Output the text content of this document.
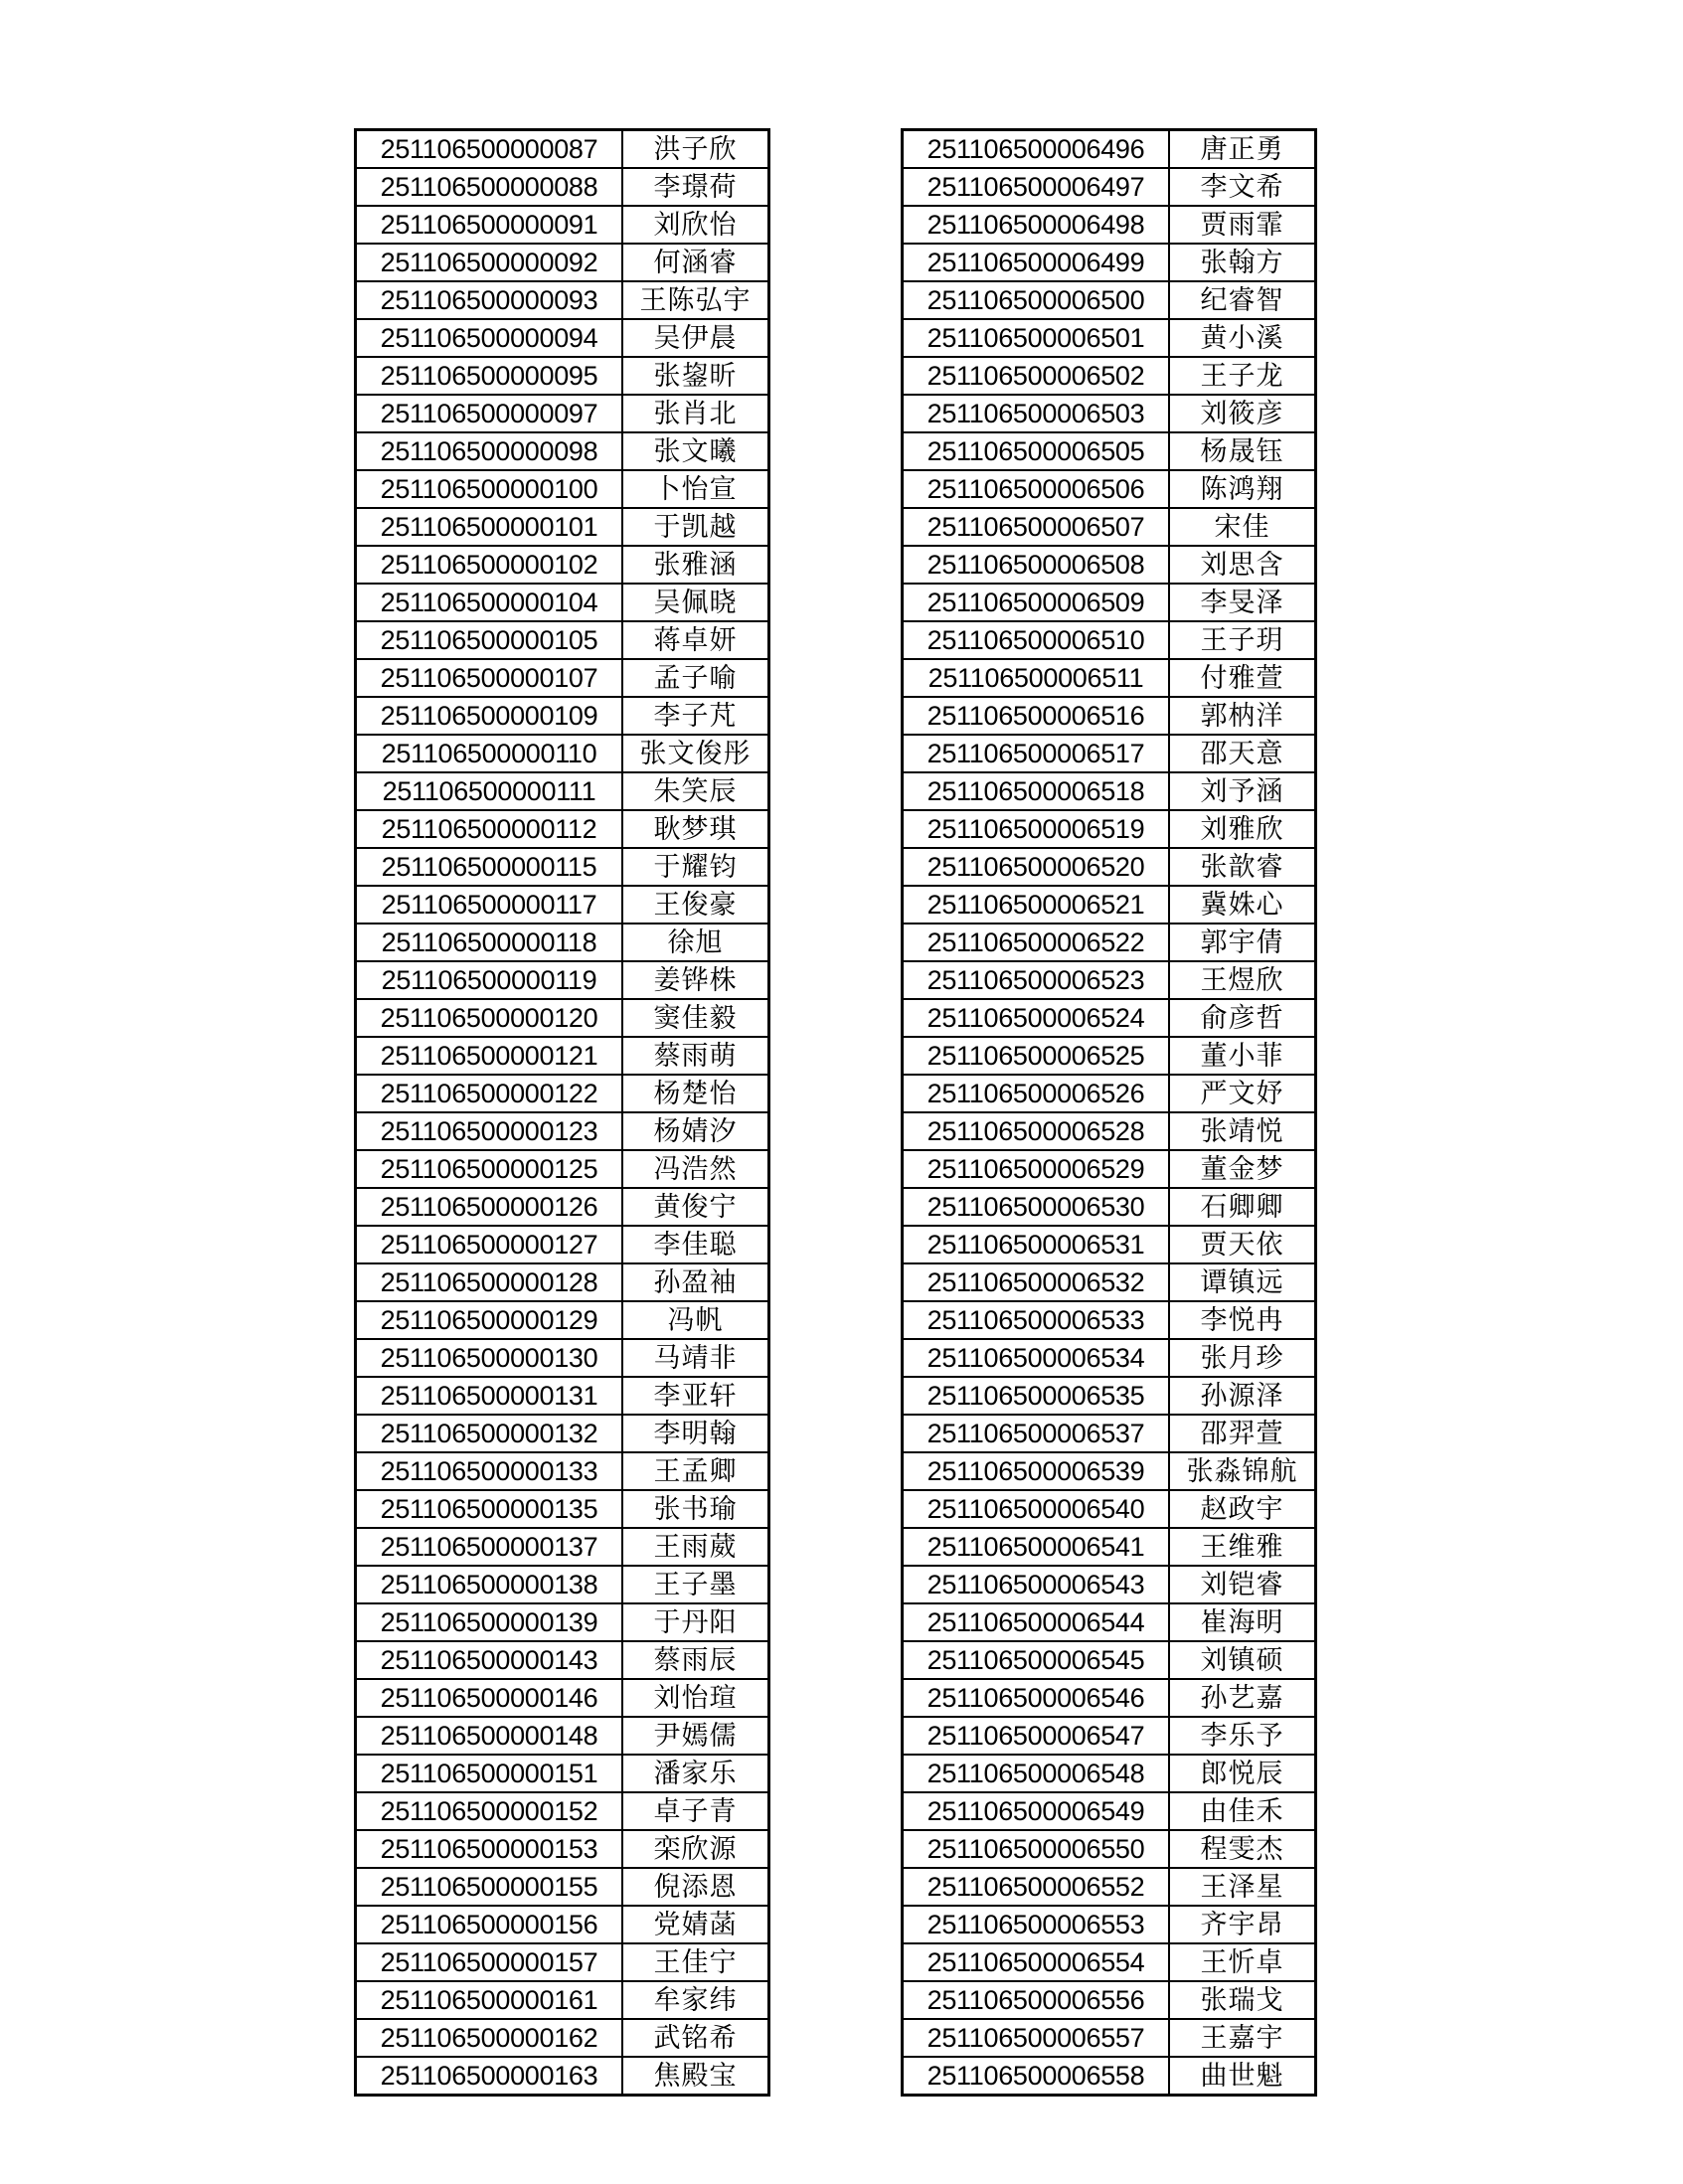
251106500000087	洪子欣
251106500000088	李璟荷
251106500000091	刘欣怡
251106500000092	何涵睿
251106500000093	王陈弘宇
251106500000094	吴伊晨
251106500000095	张鋆昕
251106500000097	张肖北
251106500000098	张文曦
251106500000100	卜怡宣
251106500000101	于凯越
251106500000102	张雅涵
251106500000104	吴佩晓
251106500000105	蒋卓妍
251106500000107	孟子喻
251106500000109	李子芃
251106500000110	张文俊彤
251106500000111	朱笑辰
251106500000112	耿梦琪
251106500000115	于耀钧
251106500000117	王俊豪
251106500000118	徐旭
251106500000119	姜铧株
251106500000120	窦佳毅
251106500000121	蔡雨萌
251106500000122	杨楚怡
251106500000123	杨婧汐
251106500000125	冯浩然
251106500000126	黄俊宁
251106500000127	李佳聪
251106500000128	孙盈袖
251106500000129	冯帆
251106500000130	马靖非
251106500000131	李亚轩
251106500000132	李明翰
251106500000133	王孟卿
251106500000135	张书瑜
251106500000137	王雨葳
251106500000138	王子墨
251106500000139	于丹阳
251106500000143	蔡雨辰
251106500000146	刘怡瑄
251106500000148	尹嫣儒
251106500000151	潘家乐
251106500000152	卓子青
251106500000153	栾欣源
251106500000155	倪添恩
251106500000156	党婧菡
251106500000157	王佳宁
251106500000161	牟家纬
251106500000162	武铭希
251106500000163	焦殿宝
251106500006496	唐正勇
251106500006497	李文希
251106500006498	贾雨霏
251106500006499	张翰方
251106500006500	纪睿智
251106500006501	黄小溪
251106500006502	王子龙
251106500006503	刘筱彦
251106500006505	杨晟钰
251106500006506	陈鸿翔
251106500006507	宋佳
251106500006508	刘思含
251106500006509	李旻泽
251106500006510	王子玥
251106500006511	付雅萱
251106500006516	郭枘洋
251106500006517	邵天意
251106500006518	刘予涵
251106500006519	刘雅欣
251106500006520	张歆睿
251106500006521	冀姝心
251106500006522	郭宇倩
251106500006523	王煜欣
251106500006524	俞彦哲
251106500006525	董小菲
251106500006526	严文妤
251106500006528	张靖悦
251106500006529	董金梦
251106500006530	石卿卿
251106500006531	贾天依
251106500006532	谭镇远
251106500006533	李悦冉
251106500006534	张月珍
251106500006535	孙源泽
251106500006537	邵羿萱
251106500006539	张淼锦航
251106500006540	赵政宇
251106500006541	王维雅
251106500006543	刘铠睿
251106500006544	崔海明
251106500006545	刘镇硕
251106500006546	孙艺嘉
251106500006547	李乐予
251106500006548	郎悦辰
251106500006549	由佳禾
251106500006550	程雯杰
251106500006552	王泽星
251106500006553	齐宇昂
251106500006554	王忻卓
251106500006556	张瑞戈
251106500006557	王嘉宇
251106500006558	曲世魁
